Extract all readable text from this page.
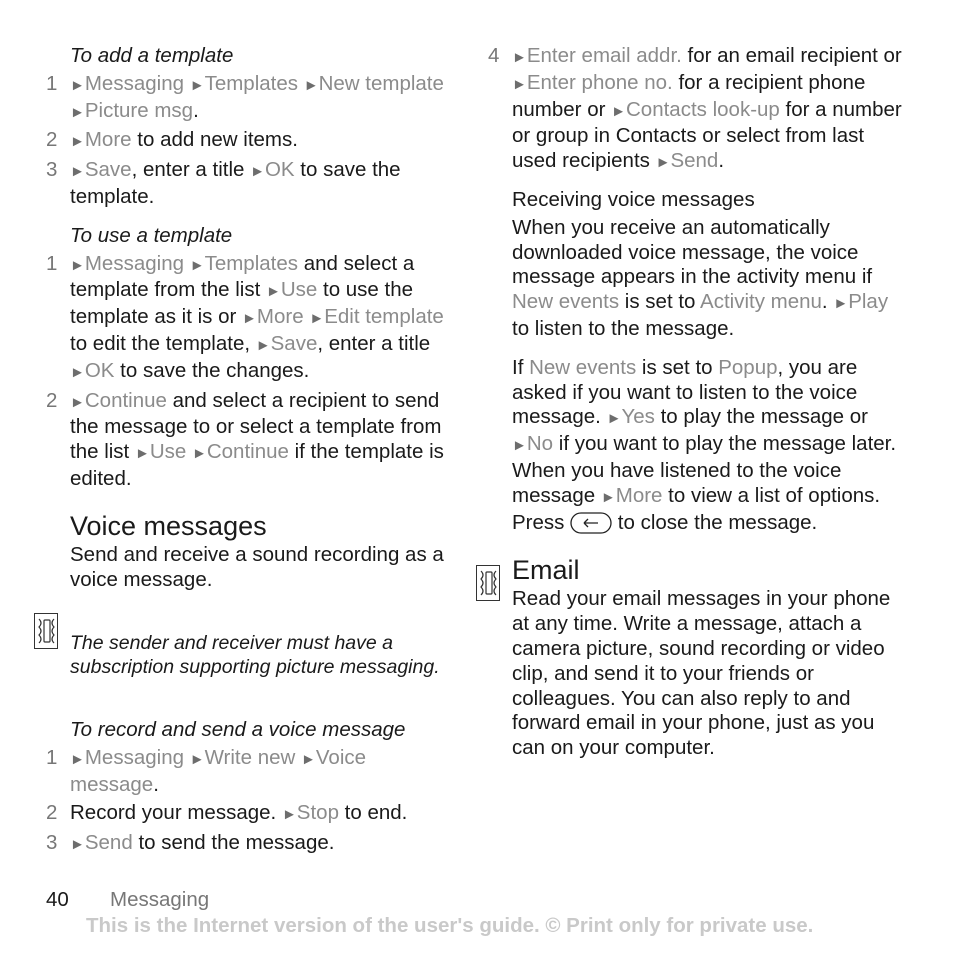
To add a template

1 ►Messaging ►Templates ►New template ►Picture msg.
2 ►More to add new items.
3 ►Save, enter a title ►OK to save the template.

To use a template

1 ►Messaging ►Templates and select a template from the list ►Use to use the template as it is or ►More ►Edit template to edit the template, ►Save, enter a title ►OK to save the changes.
2 ►Continue and select a recipient to send the message to or select a template from the list ►Use ►Continue if the template is edited.
Voice messages

Send and receive a sound recording as a voice message.

The sender and receiver must have a subscription supporting picture messaging.

To record and send a voice message

1 ►Messaging ►Write new ►Voice message.
2 Record your message. ►Stop to end.
3 ►Send to send the message.
4 ►Enter email addr. for an email recipient or ►Enter phone no. for a recipient phone number or ►Contacts look-up for a number or group in Contacts or select from last used recipients ►Send.

Receiving voice messages

When you receive an automatically downloaded voice message, the voice message appears in the activity menu if New events is set to Activity menu. ►Play to listen to the message.

If New events is set to Popup, you are asked if you want to listen to the voice message. ►Yes to play the message or ►No if you want to play the message later. When you have listened to the voice message ►More to view a list of options. Press  to close the message.

Email

Read your email messages in your phone at any time. Write a message, attach a camera picture, sound recording or video clip, and send it to your friends or colleagues. You can also reply to and forward email in your phone, just as you can on your computer.

40 Messaging
This is the Internet version of the user's guide. © Print only for private use.
